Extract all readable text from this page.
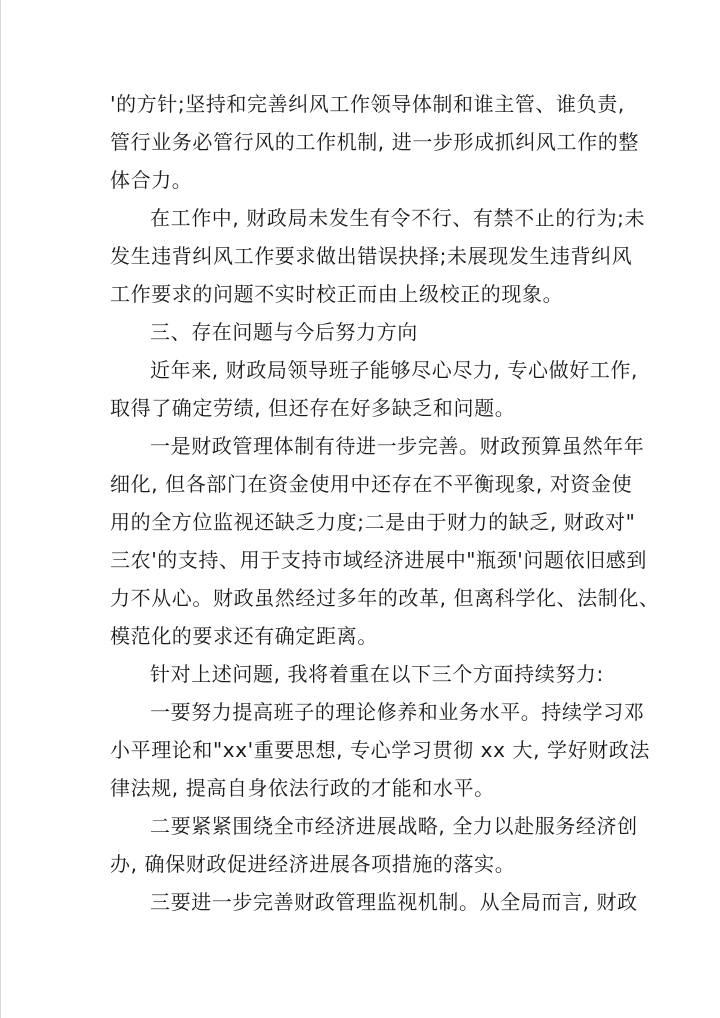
'的方针;坚持和完善纠风工作领导体制和谁主管、谁负责,
管行业务必管行风的工作机制, 进一步形成抓纠风工作的整
体合力。
在工作中, 财政局未发生有令不行、有禁不止的行为;未
发生违背纠风工作要求做出错误抉择;未展现发生违背纠风
工作要求的问题不实时校正而由上级校正的现象。
三、存在问题与今后努力方向
近年来, 财政局领导班子能够尽心尽力, 专心做好工作,
取得了确定劳绩, 但还存在好多缺乏和问题。
一是财政管理体制有待进一步完善。财政预算虽然年年
细化, 但各部门在资金使用中还存在不平衡现象, 对资金使
用的全方位监视还缺乏力度;二是由于财力的缺乏, 财政对"
三农'的支持、用于支持市域经济进展中"瓶颈'问题依旧感到
力不从心。财政虽然经过多年的改革, 但离科学化、法制化、
模范化的要求还有确定距离。
针对上述问题, 我将着重在以下三个方面持续努力:
一要努力提高班子的理论修养和业务水平。持续学习邓
小平理论和"xx'重要思想, 专心学习贯彻 xx 大, 学好财政法
律法规, 提高自身依法行政的才能和水平。
二要紧紧围绕全市经济进展战略, 全力以赴服务经济创
办, 确保财政促进经济进展各项措施的落实。
三要进一步完善财政管理监视机制。从全局而言, 财政
